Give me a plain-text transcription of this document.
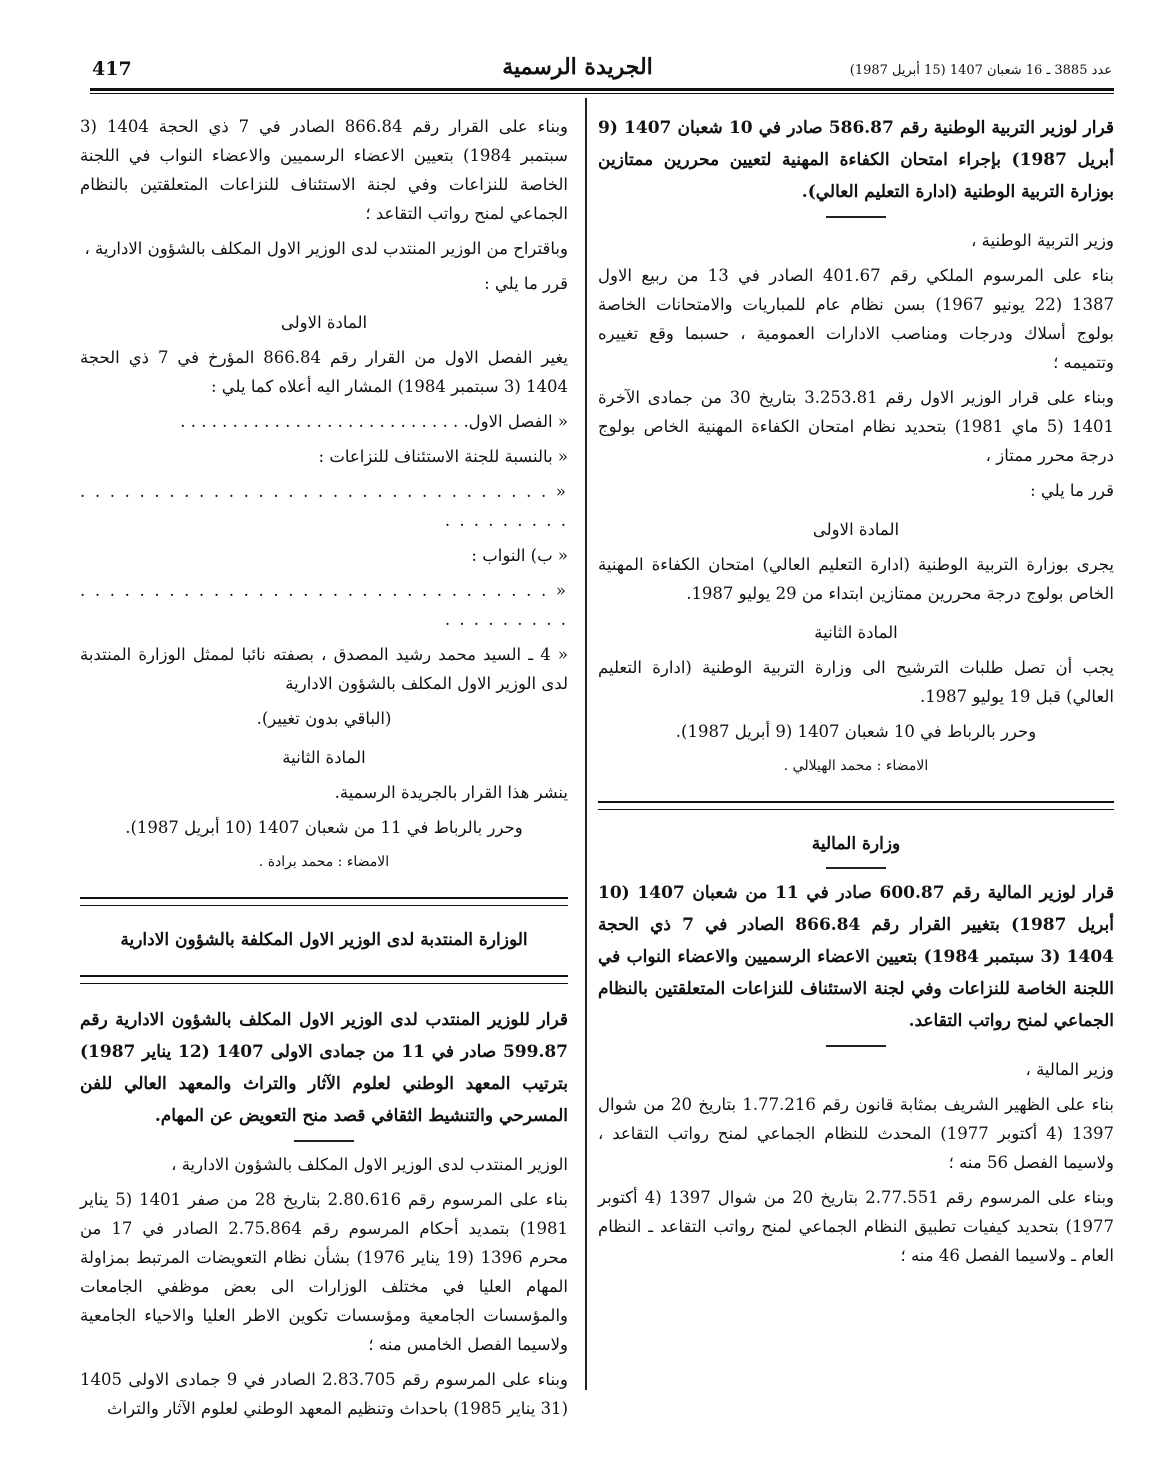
417	الجريدة الرسمية	عدد 3885 ـ 16 شعبان 1407 (15 أبريل 1987)

قرار لوزير التربية الوطنية رقم 586.87 صادر في 10 شعبان 1407 (9 أبريل 1987) بإجراء امتحان الكفاءة المهنية لتعيين محررين ممتازين بوزارة التربية الوطنية (ادارة التعليم العالي).

وزير التربية الوطنية ،

بناء على المرسوم الملكي رقم 401.67 الصادر في 13 من ربيع الاول 1387 (22 يونيو 1967) بسن نظام عام للمباريات والامتحانات الخاصة بولوج أسلاك ودرجات ومناصب الادارات العمومية ، حسبما وقع تغييره وتتميمه ؛

وبناء على قرار الوزير الاول رقم 3.253.81 بتاريخ 30 من جمادى الآخرة 1401 (5 ماي 1981) بتحديد نظام امتحان الكفاءة المهنية الخاص بولوج درجة محرر ممتاز ،

قرر ما يلي :

المادة الاولى

يجرى بوزارة التربية الوطنية (ادارة التعليم العالي) امتحان الكفاءة المهنية الخاص بولوج درجة محررين ممتازين ابتداء من 29 يوليو 1987.

المادة الثانية

يجب أن تصل طلبات الترشيح الى وزارة التربية الوطنية (ادارة التعليم العالي) قبل 19 يوليو 1987.

وحرر بالرباط في 10 شعبان 1407 (9 أبريل 1987).

الامضاء : محمد الهيلالي .

وزارة المالية

قرار لوزير المالية رقم 600.87 صادر في 11 من شعبان 1407 (10 أبريل 1987) بتغيير القرار رقم 866.84 الصادر في 7 ذي الحجة 1404 (3 سبتمبر 1984) بتعيين الاعضاء الرسميين والاعضاء النواب في اللجنة الخاصة للنزاعات وفي لجنة الاستئناف للنزاعات المتعلقتين بالنظام الجماعي لمنح رواتب التقاعد.

وزير المالية ،

بناء على الظهير الشريف بمثابة قانون رقم 1.77.216 بتاريخ 20 من شوال 1397 (4 أكتوبر 1977) المحدث للنظام الجماعي لمنح رواتب التقاعد ، ولاسيما الفصل 56 منه ؛

وبناء على المرسوم رقم 2.77.551 بتاريخ 20 من شوال 1397 (4 أكتوبر 1977) بتحديد كيفيات تطبيق النظام الجماعي لمنح رواتب التقاعد ـ النظام العام ـ ولاسيما الفصل 46 منه ؛

وبناء على القرار رقم 866.84 الصادر في 7 ذي الحجة 1404 (3 سبتمبر 1984) بتعيين الاعضاء الرسميين والاعضاء النواب في اللجنة الخاصة للنزاعات وفي لجنة الاستئناف للنزاعات المتعلقتين بالنظام الجماعي لمنح رواتب التقاعد ؛

وباقتراح من الوزير المنتدب لدى الوزير الاول المكلف بالشؤون الادارية ،

قرر ما يلي :

المادة الاولى

يغير الفصل الاول من القرار رقم 866.84 المؤرخ في 7 ذي الحجة 1404 (3 سبتمبر 1984) المشار اليه أعلاه كما يلي :

« الفصل الاول. . . . . . . . . . . . . . . . . . . . . . . . . . . .

« بالنسبة للجنة الاستئناف للنزاعات :

« . . . . . . . . . . . . . . . . . . . . . . . . . . . . . . . . . . . . . . . . .

« ب) النواب :

« . . . . . . . . . . . . . . . . . . . . . . . . . . . . . . . . . . . . . . . . .

« 4 ـ السيد محمد رشيد المصدق ، بصفته نائبا لممثل الوزارة المنتدبة لدى الوزير الاول المكلف بالشؤون الادارية

(الباقي بدون تغيير).

المادة الثانية

ينشر هذا القرار بالجريدة الرسمية.

وحرر بالرباط في 11 من شعبان 1407 (10 أبريل 1987).

الامضاء : محمد برادة .

الوزارة المنتدبة لدى الوزير الاول المكلفة بالشؤون الادارية

قرار للوزير المنتدب لدى الوزير الاول المكلف بالشؤون الادارية رقم 599.87 صادر في 11 من جمادى الاولى 1407 (12 يناير 1987) بترتيب المعهد الوطني لعلوم الآثار والتراث والمعهد العالي للفن المسرحي والتنشيط الثقافي قصد منح التعويض عن المهام.

الوزير المنتدب لدى الوزير الاول المكلف بالشؤون الادارية ،

بناء على المرسوم رقم 2.80.616 بتاريخ 28 من صفر 1401 (5 يناير 1981) بتمديد أحكام المرسوم رقم 2.75.864 الصادر في 17 من محرم 1396 (19 يناير 1976) بشأن نظام التعويضات المرتبط بمزاولة المهام العليا في مختلف الوزارات الى بعض موظفي الجامعات والمؤسسات الجامعية ومؤسسات تكوين الاطر العليا والاحياء الجامعية ولاسيما الفصل الخامس منه ؛

وبناء على المرسوم رقم 2.83.705 الصادر في 9 جمادى الاولى 1405 (31 يناير 1985) باحداث وتنظيم المعهد الوطني لعلوم الآثار والتراث
